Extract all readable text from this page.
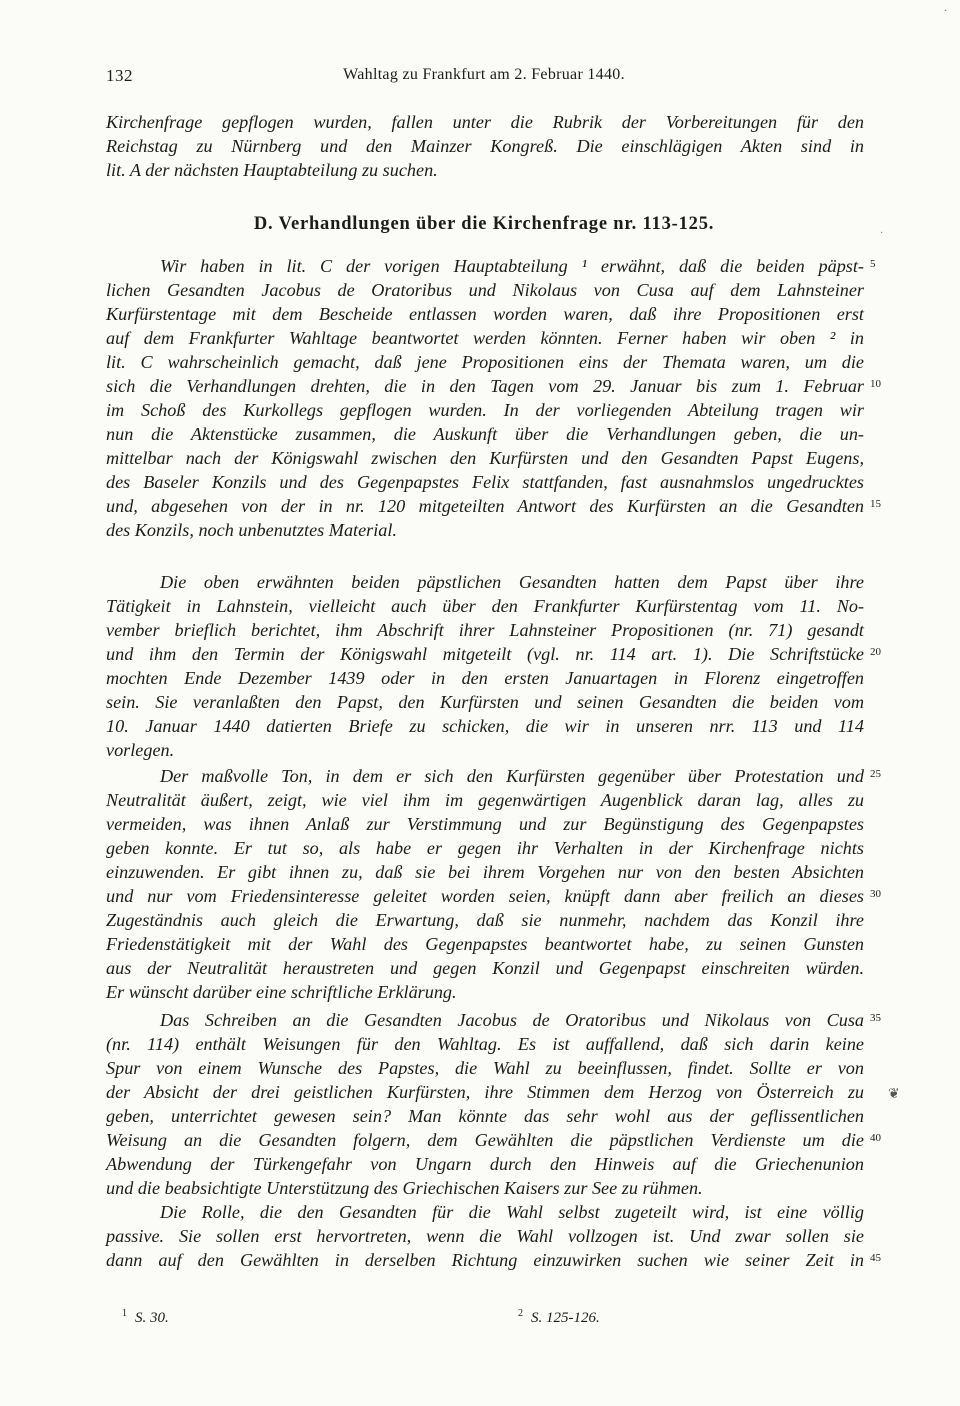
132	Wahltag zu Frankfurt am 2. Februar 1440.
Kirchenfrage gepflogen wurden, fallen unter die Rubrik der Vorbereitungen für den
Reichstag zu Nürnberg und den Mainzer Kongreß. Die einschlägigen Akten sind in
lit. A der nächsten Hauptabteilung zu suchen.
D. Verhandlungen über die Kirchenfrage nr. 113-125.
Wir haben in lit. C der vorigen Hauptabteilung ¹ erwähnt, daß die beiden päpst-
lichen Gesandten Jacobus de Oratoribus und Nikolaus von Cusa auf dem Lahnsteiner
Kurfürstentage mit dem Bescheide entlassen worden waren, daß ihre Propositionen erst
auf dem Frankfurter Wahltage beantwortet werden könnten. Ferner haben wir oben ² in
lit. C wahrscheinlich gemacht, daß jene Propositionen eins der Themata waren, um die
sich die Verhandlungen drehten, die in den Tagen vom 29. Januar bis zum 1. Februar
im Schoß des Kurkollegs gepflogen wurden. In der vorliegenden Abteilung tragen wir
nun die Aktenstücke zusammen, die Auskunft über die Verhandlungen geben, die un-
mittelbar nach der Königswahl zwischen den Kurfürsten und den Gesandten Papst Eugens,
des Baseler Konzils und des Gegenpapstes Felix stattfanden, fast ausnahmslos ungedrucktes
und, abgesehen von der in nr. 120 mitgeteilten Antwort des Kurfürsten an die Gesandten
des Konzils, noch unbenutztes Material.
Die oben erwähnten beiden päpstlichen Gesandten hatten dem Papst über ihre
Tätigkeit in Lahnstein, vielleicht auch über den Frankfurter Kurfürstentag vom 11. No-
vember brieflich berichtet, ihm Abschrift ihrer Lahnsteiner Propositionen (nr. 71) gesandt
und ihm den Termin der Königswahl mitgeteilt (vgl. nr. 114 art. 1). Die Schriftstücke
mochten Ende Dezember 1439 oder in den ersten Januartagen in Florenz eingetroffen
sein. Sie veranlaßten den Papst, den Kurfürsten und seinen Gesandten die beiden vom
10. Januar 1440 datierten Briefe zu schicken, die wir in unseren nrr. 113 und 114
vorlegen.
Der maßvolle Ton, in dem er sich den Kurfürsten gegenüber über Protestation und
Neutralität äußert, zeigt, wie viel ihm im gegenwärtigen Augenblick daran lag, alles zu
vermeiden, was ihnen Anlaß zur Verstimmung und zur Begünstigung des Gegenpapstes
geben konnte. Er tut so, als habe er gegen ihr Verhalten in der Kirchenfrage nichts
einzuwenden. Er gibt ihnen zu, daß sie bei ihrem Vorgehen nur von den besten Absichten
und nur vom Friedensinteresse geleitet worden seien, knüpft dann aber freilich an dieses
Zugeständnis auch gleich die Erwartung, daß sie nunmehr, nachdem das Konzil ihre
Friedenstätigkeit mit der Wahl des Gegenpapstes beantwortet habe, zu seinen Gunsten
aus der Neutralität heraustreten und gegen Konzil und Gegenpapst einschreiten würden.
Er wünscht darüber eine schriftliche Erklärung.
Das Schreiben an die Gesandten Jacobus de Oratoribus und Nikolaus von Cusa
(nr. 114) enthält Weisungen für den Wahltag. Es ist auffallend, daß sich darin keine
Spur von einem Wunsche des Papstes, die Wahl zu beeinflussen, findet. Sollte er von
der Absicht der drei geistlichen Kurfürsten, ihre Stimmen dem Herzog von Österreich zu
geben, unterrichtet gewesen sein? Man könnte das sehr wohl aus der geflissentlichen
Weisung an die Gesandten folgern, dem Gewählten die päpstlichen Verdienste um die
Abwendung der Türkengefahr von Ungarn durch den Hinweis auf die Griechenunion
und die beabsichtigte Unterstützung des Griechischen Kaisers zur See zu rühmen.
Die Rolle, die den Gesandten für die Wahl selbst zugeteilt wird, ist eine völlig
passive. Sie sollen erst hervortreten, wenn die Wahl vollzogen ist. Und zwar sollen sie
dann auf den Gewählten in derselben Richtung einzuwirken suchen wie seiner Zeit in
5
10
15
20
25
30
35
40
45
❦
$^1$ S. 30.	$^2$ S. 125-126.
·
·
